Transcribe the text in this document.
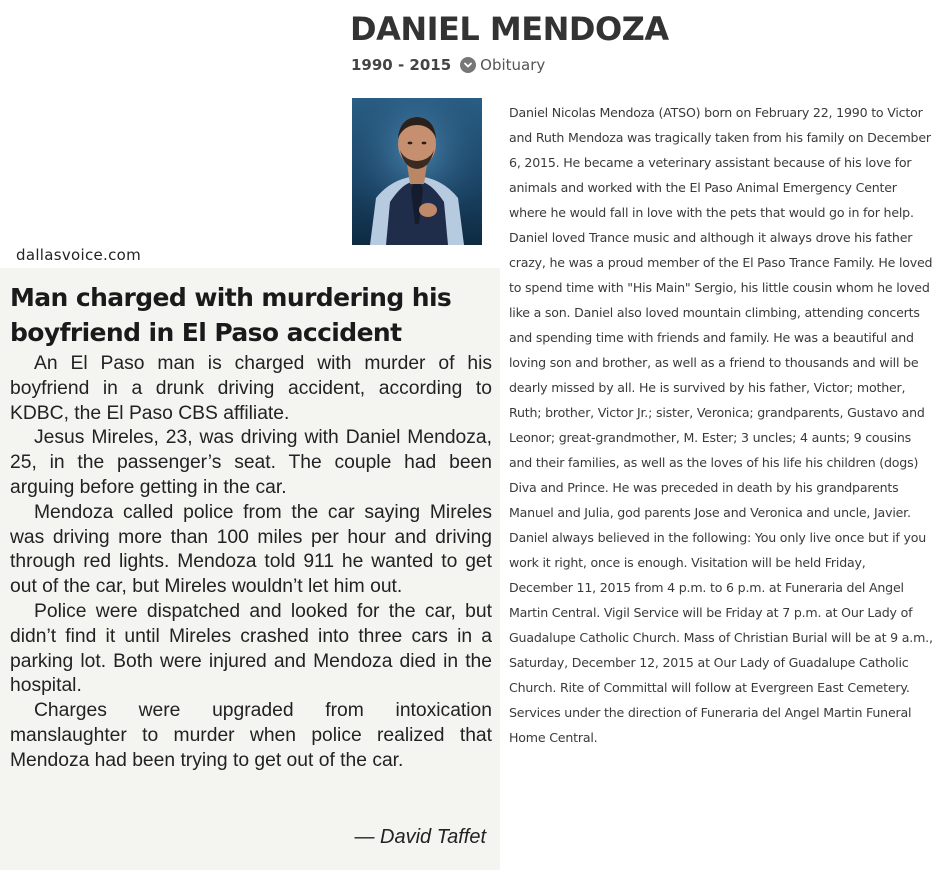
DANIEL MENDOZA
1990 - 2015 Obituary

Daniel Nicolas Mendoza (ATSO) born on February 22, 1990 to Victor and Ruth Mendoza was tragically taken from his family on December 6, 2015. He became a veterinary assistant because of his love for animals and worked with the El Paso Animal Emergency Center where he would fall in love with the pets that would go in for help. Daniel loved Trance music and although it always drove his father crazy, he was a proud member of the El Paso Trance Family. He loved to spend time with "His Main" Sergio, his little cousin whom he loved like a son. Daniel also loved mountain climbing, attending concerts and spending time with friends and family. He was a beautiful and loving son and brother, as well as a friend to thousands and will be dearly missed by all. He is survived by his father, Victor; mother, Ruth; brother, Victor Jr.; sister, Veronica; grandparents, Gustavo and Leonor; great-grandmother, M. Ester; 3 uncles; 4 aunts; 9 cousins and their families, as well as the loves of his life his children (dogs) Diva and Prince. He was preceded in death by his grandparents Manuel and Julia, god parents Jose and Veronica and uncle, Javier. Daniel always believed in the following: You only live once but if you work it right, once is enough. Visitation will be held Friday, December 11, 2015 from 4 p.m. to 6 p.m. at Funeraria del Angel Martin Central. Vigil Service will be Friday at 7 p.m. at Our Lady of Guadalupe Catholic Church. Mass of Christian Burial will be at 9 a.m., Saturday, December 12, 2015 at Our Lady of Guadalupe Catholic Church. Rite of Committal will follow at Evergreen East Cemetery. Services under the direction of Funeraria del Angel Martin Funeral Home Central.

dallasvoice.com
Man charged with murdering his boyfriend in El Paso accident

An El Paso man is charged with murder of his boyfriend in a drunk driving accident, according to KDBC, the El Paso CBS affiliate.

Jesus Mireles, 23, was driving with Daniel Mendoza, 25, in the passenger’s seat. The couple had been arguing before getting in the car.

Mendoza called police from the car saying Mireles was driving more than 100 miles per hour and driving through red lights. Mendoza told 911 he wanted to get out of the car, but Mireles wouldn’t let him out.

Police were dispatched and looked for the car, but didn’t find it until Mireles crashed into three cars in a parking lot. Both were injured and Mendoza died in the hospital.

Charges were upgraded from intoxication manslaughter to murder when police realized that Mendoza had been trying to get out of the car.

— David Taffet
